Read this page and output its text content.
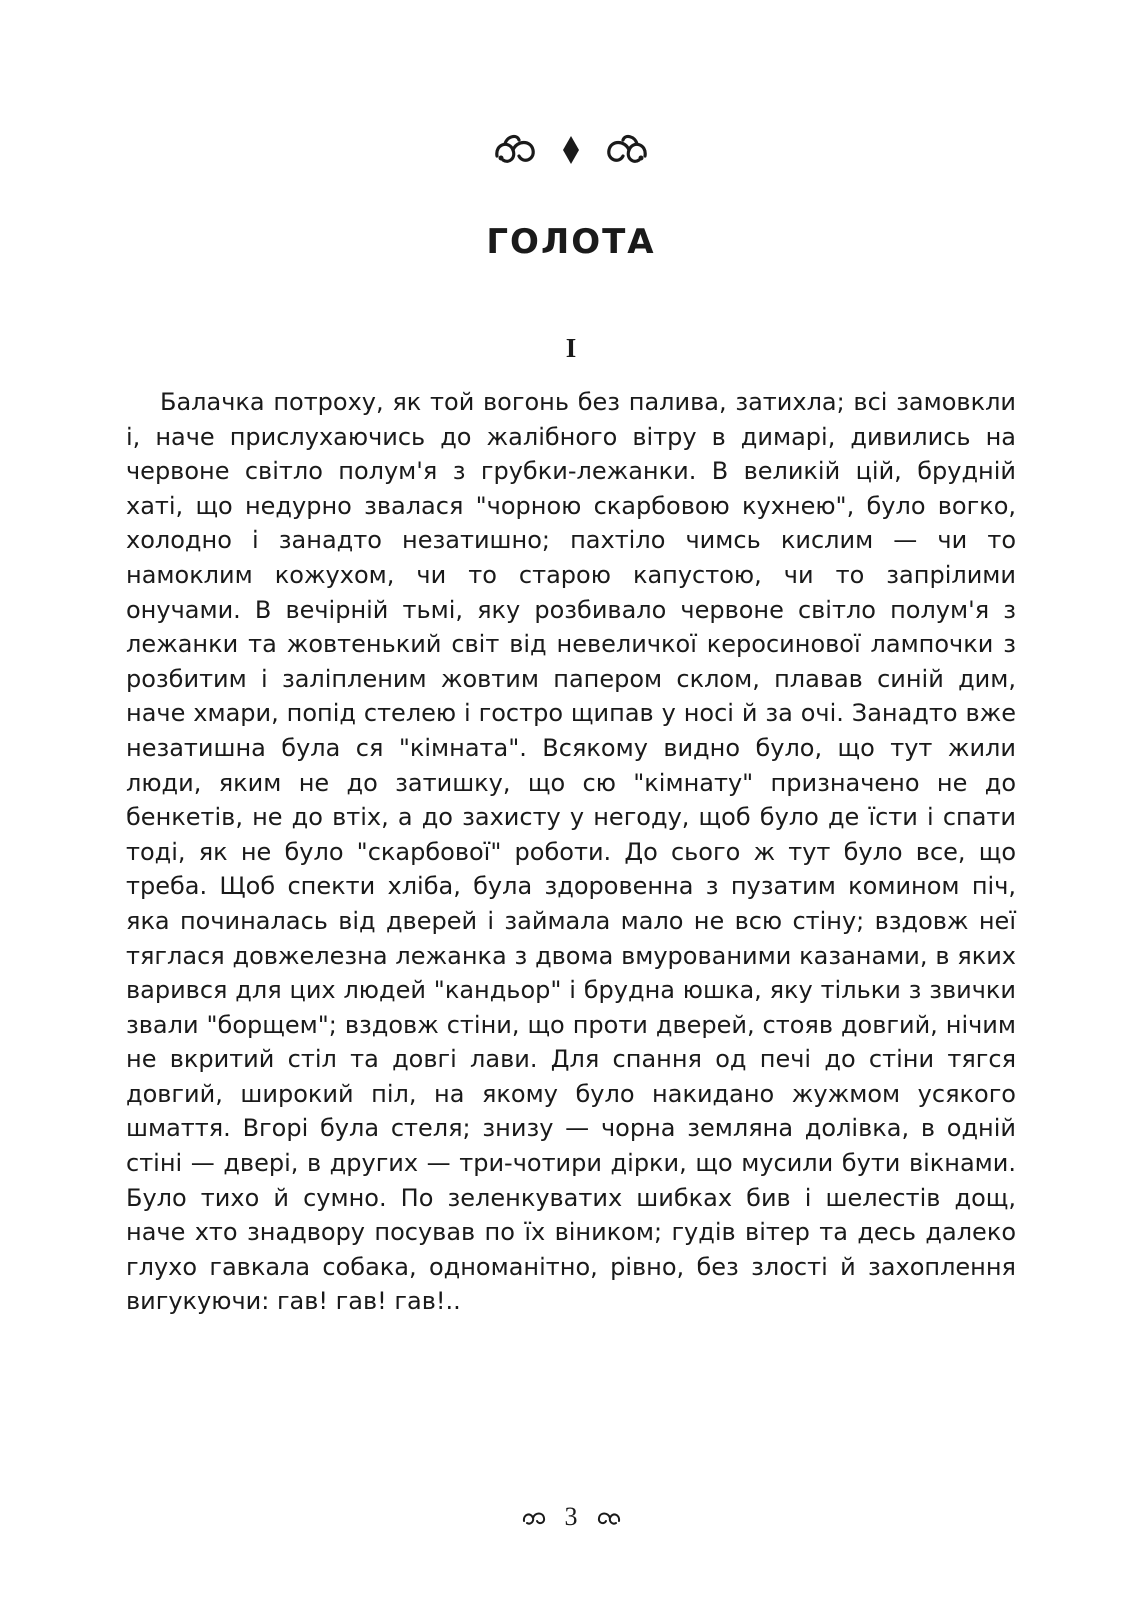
ГОЛОТА
I

Балачка потроху, як той вогонь без палива, затихла; всі замовкли і, наче прислухаючись до жалібного вітру в димарі, дивились на червоне світло полум'я з грубки-лежанки. В великій цій, брудній хаті, що недурно звалася "чорною скарбовою кухнею", було вогко, холодно і занадто незатишно; пахтіло чимсь кислим — чи то намоклим кожухом, чи то старою капустою, чи то запрілими онучами. В вечірній тьмі, яку розбивало червоне світло полум'я з лежанки та жовтенький світ від невеличкої керосинової лампочки з розбитим і заліпленим жовтим папером склом, плавав синій дим, наче хмари, попід стелею і гостро щипав у носі й за очі. Занадто вже незатишна була ся "кімната". Всякому видно було, що тут жили люди, яким не до затишку, що сю "кімнату" призначено не до бенкетів, не до втіх, а до захисту у негоду, щоб було де їсти і спати тоді, як не було "скарбової" роботи. До сього ж тут було все, що треба. Щоб спекти хліба, була здоровенна з пузатим комином піч, яка починалась від дверей і займала мало не всю стіну; вздовж неї тяглася довжелезна лежанка з двома вмурованими казанами, в яких варився для цих людей "кандьор" і брудна юшка, яку тільки з звички звали "борщем"; вздовж стіни, що проти дверей, стояв довгий, нічим не вкритий стіл та довгі лави. Для спання од печі до стіни тягся довгий, широкий піл, на якому було накидано жужмом усякого шмаття. Вгорі була стеля; знизу — чорна земляна долівка, в одній стіні — двері, в других — три-чотири дірки, що мусили бути вікнами. Було тихо й сумно. По зеленкуватих шибках бив і шелестів дощ, наче хто знадвору посував по їх віником; гудів вітер та десь далеко глухо гавкала собака, одноманітно, рівно, без злості й захоплення вигукуючи: гав! гав! гав!..

3
